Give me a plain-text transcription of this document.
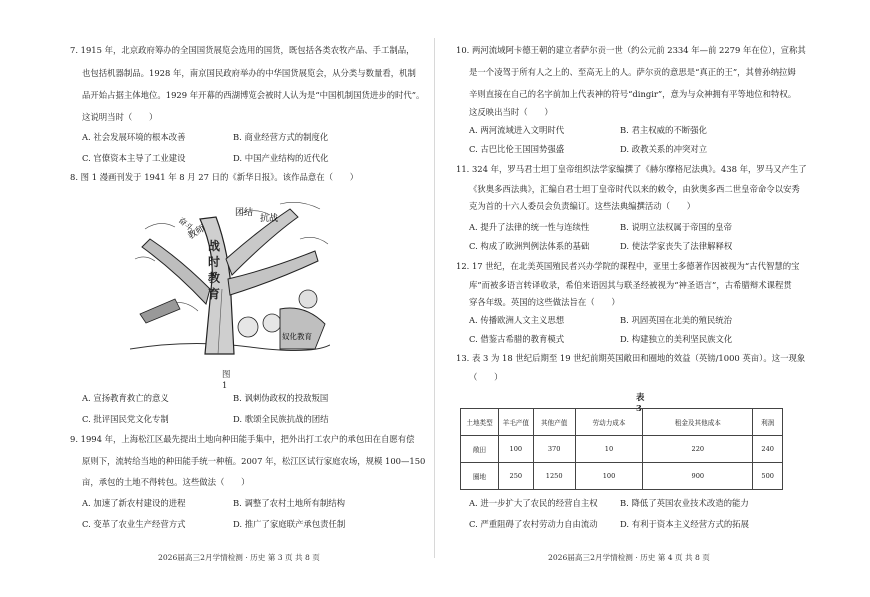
7. 1915 年，北京政府筹办的全国国货展览会选用的国货，既包括各类农牧产品、手工制品，
也包括机器制品。1928 年，南京国民政府举办的中华国货展览会，从分类与数量看，机制
品开始占据主体地位。1929 年开幕的西湖博览会被时人认为是“中国机制国货进步的时代”。
这说明当时（　　）
A. 社会发展环境的根本改善	B. 商业经营方式的制度化
C. 官僚资本主导了工业建设	D. 中国产业结构的近代化
8. 图 1 漫画刊发于 1941 年 8 月 27 日的《新华日报》。该作品意在（　　）
教师
团结
抗战
奋斗
奴化教育
战时教育
图 1
A. 宣扬教育救亡的意义	B. 讽刺伪政权的投敌叛国
C. 批评国民党文化专制	D. 歌颂全民族抗战的团结
9. 1994 年，上海松江区最先提出土地向种田能手集中，把外出打工农户的承包田在自愿有偿
原则下，流转给当地的种田能手统一种植。2007 年，松江区试行家庭农场，规模 100—150
亩，承包的土地不得转包。这些做法（　　）
A. 加速了新农村建设的进程	B. 调整了农村土地所有制结构
C. 变革了农业生产经营方式	D. 推广了家庭联产承包责任制
2026届高三2月学情检测 · 历史 第 3 页 共 8 页
10. 两河流域阿卡德王朝的建立者萨尔贡一世（约公元前 2334 年—前 2279 年在位），宣称其
是一个凌驾于所有人之上的、至高无上的人。萨尔贡的意思是“真正的王”，其曾孙纳拉姆
辛则直接在自己的名字前加上代表神的符号“dingir”，意为与众神拥有平等地位和特权。
这反映出当时（　　）
A. 两河流域进入文明时代	B. 君主权威的不断强化
C. 古巴比伦王国国势强盛	D. 政教关系的冲突对立
11. 324 年，罗马君士坦丁皇帝组织法学家编撰了《赫尔摩格尼法典》。438 年，罗马又产生了
《狄奥多西法典》，汇编自君士坦丁皇帝时代以来的敕令，由狄奥多西二世皇帝命令以安秀
克为首的十六人委员会负责编订。这些法典编撰活动（　　）
A. 提升了法律的统一性与连续性	B. 说明立法权属于帝国的皇帝
C. 构成了欧洲判例法体系的基础	D. 使法学家丧失了法律解释权
12. 17 世纪，在北美英国殖民者兴办学院的课程中，亚里士多德著作因被视为“古代智慧的宝
库”而被多语言转译收录，希伯来语因其与联圣经被视为“神圣语言”，古希腊辩术课程贯
穿各年级。英国的这些做法旨在（　　）
A. 传播欧洲人文主义思想	B. 巩固英国在北美的殖民统治
C. 借鉴古希腊的教育模式	D. 构建独立的美利坚民族文化
13. 表 3 为 18 世纪后期至 19 世纪前期英国敞田和圈地的效益（英镑/1000 英亩）。这一现象
（　　）
表 3
土地类型	羊毛产值	其他产值	劳动力成本	租金及其他成本	利润
敞田	100	370	10	220	240
圈地	250	1250	100	900	500
A. 进一步扩大了农民的经营自主权	B. 降低了英国农业技术改造的能力
C. 严重阻碍了农村劳动力自由流动	D. 有利于资本主义经营方式的拓展
2026届高三2月学情检测 · 历史 第 4 页 共 8 页
